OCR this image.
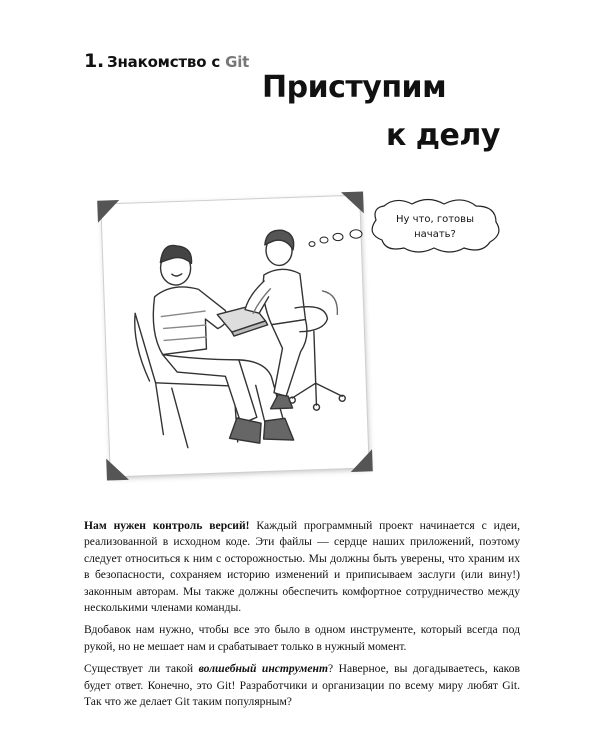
1. Знакомство с Git
Приступим
к делу
Ну что, готовы
начать?

Нам нужен контроль версий! Каждый программный проект начинается с идеи, реализованной в исходном коде. Эти файлы — сердце наших приложений, поэтому следует относиться к ним с осторожностью. Мы должны быть уверены, что храним их в безопасности, сохраняем историю изменений и приписываем заслуги (или вину!) законным авторам. Мы также должны обеспечить комфортное сотрудничество между несколькими членами команды.

Вдобавок нам нужно, чтобы все это было в одном инструменте, который всегда под рукой, но не мешает нам и срабатывает только в нужный момент.

Существует ли такой волшебный инструмент? Наверное, вы догадываетесь, каков будет ответ. Конечно, это Git! Разработчики и организации по всему миру любят Git. Так что же делает Git таким популярным?
